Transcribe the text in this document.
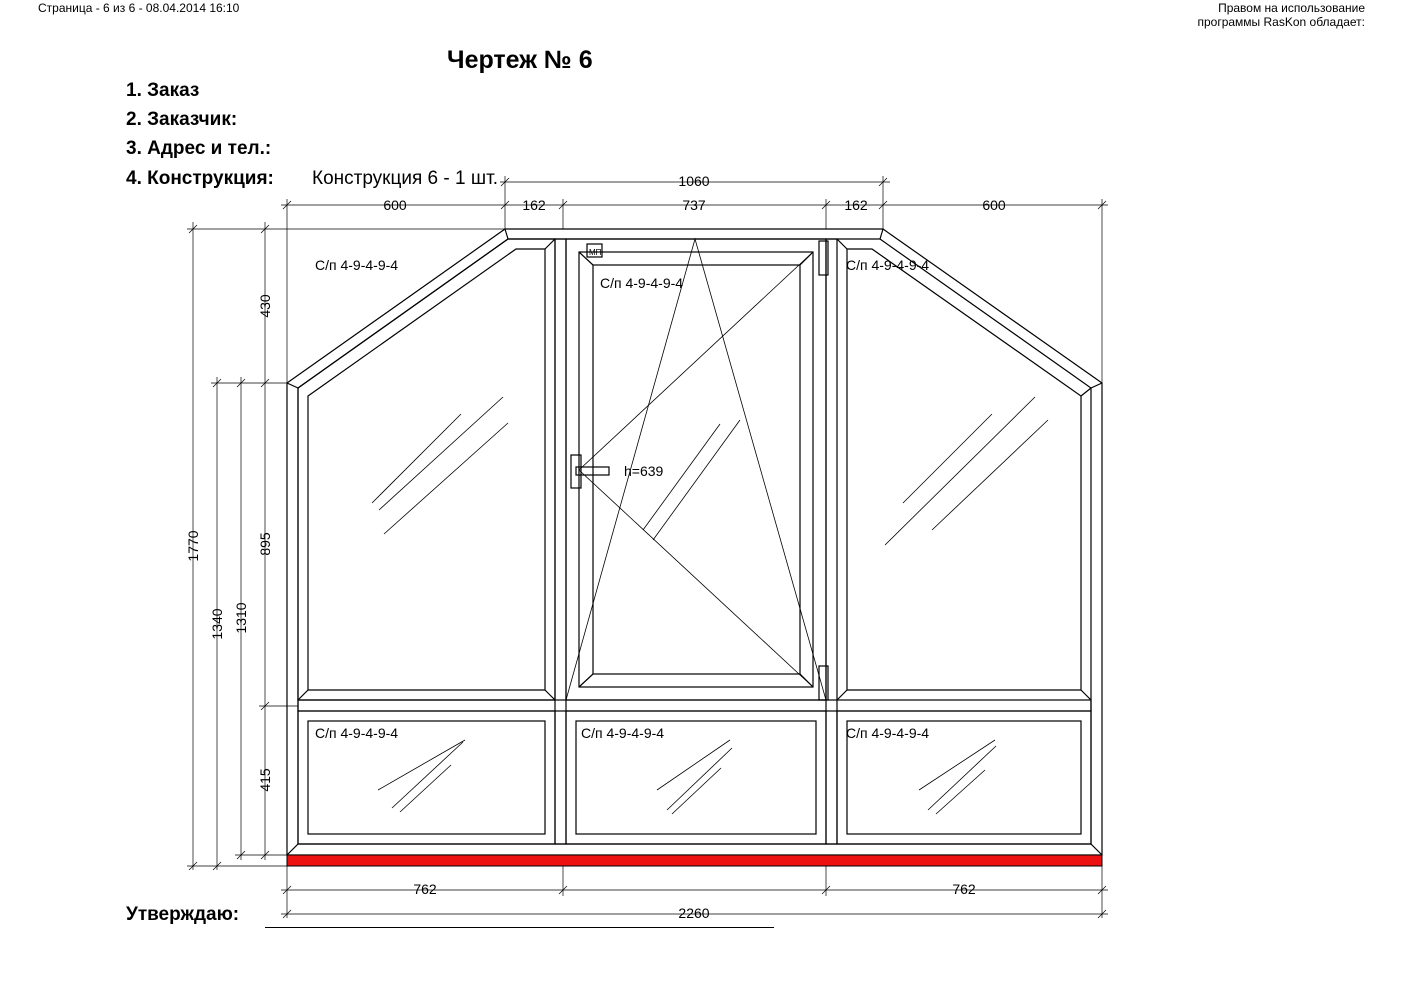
Страница - 6 из 6 - 08.04.2014 16:10	Правом на использование
программы RasKon обладает:
Чертеж № 6
1. Заказ
2. Заказчик:
3. Адрес и тел.:
4. Конструкция: Конструкция 6 - 1 шт.	1060
600	162	737	162	600
762	762
2260
1770
1340 1310
430
895
415
С/п 4-9-4-9-4
С/п 4-9-4-9-4
С/п 4-9-4-9-4
С/п 4-9-4-9-4	С/п 4-9-4-9-4	С/п 4-9-4-9-4
h=639
МП
Утверждаю:
